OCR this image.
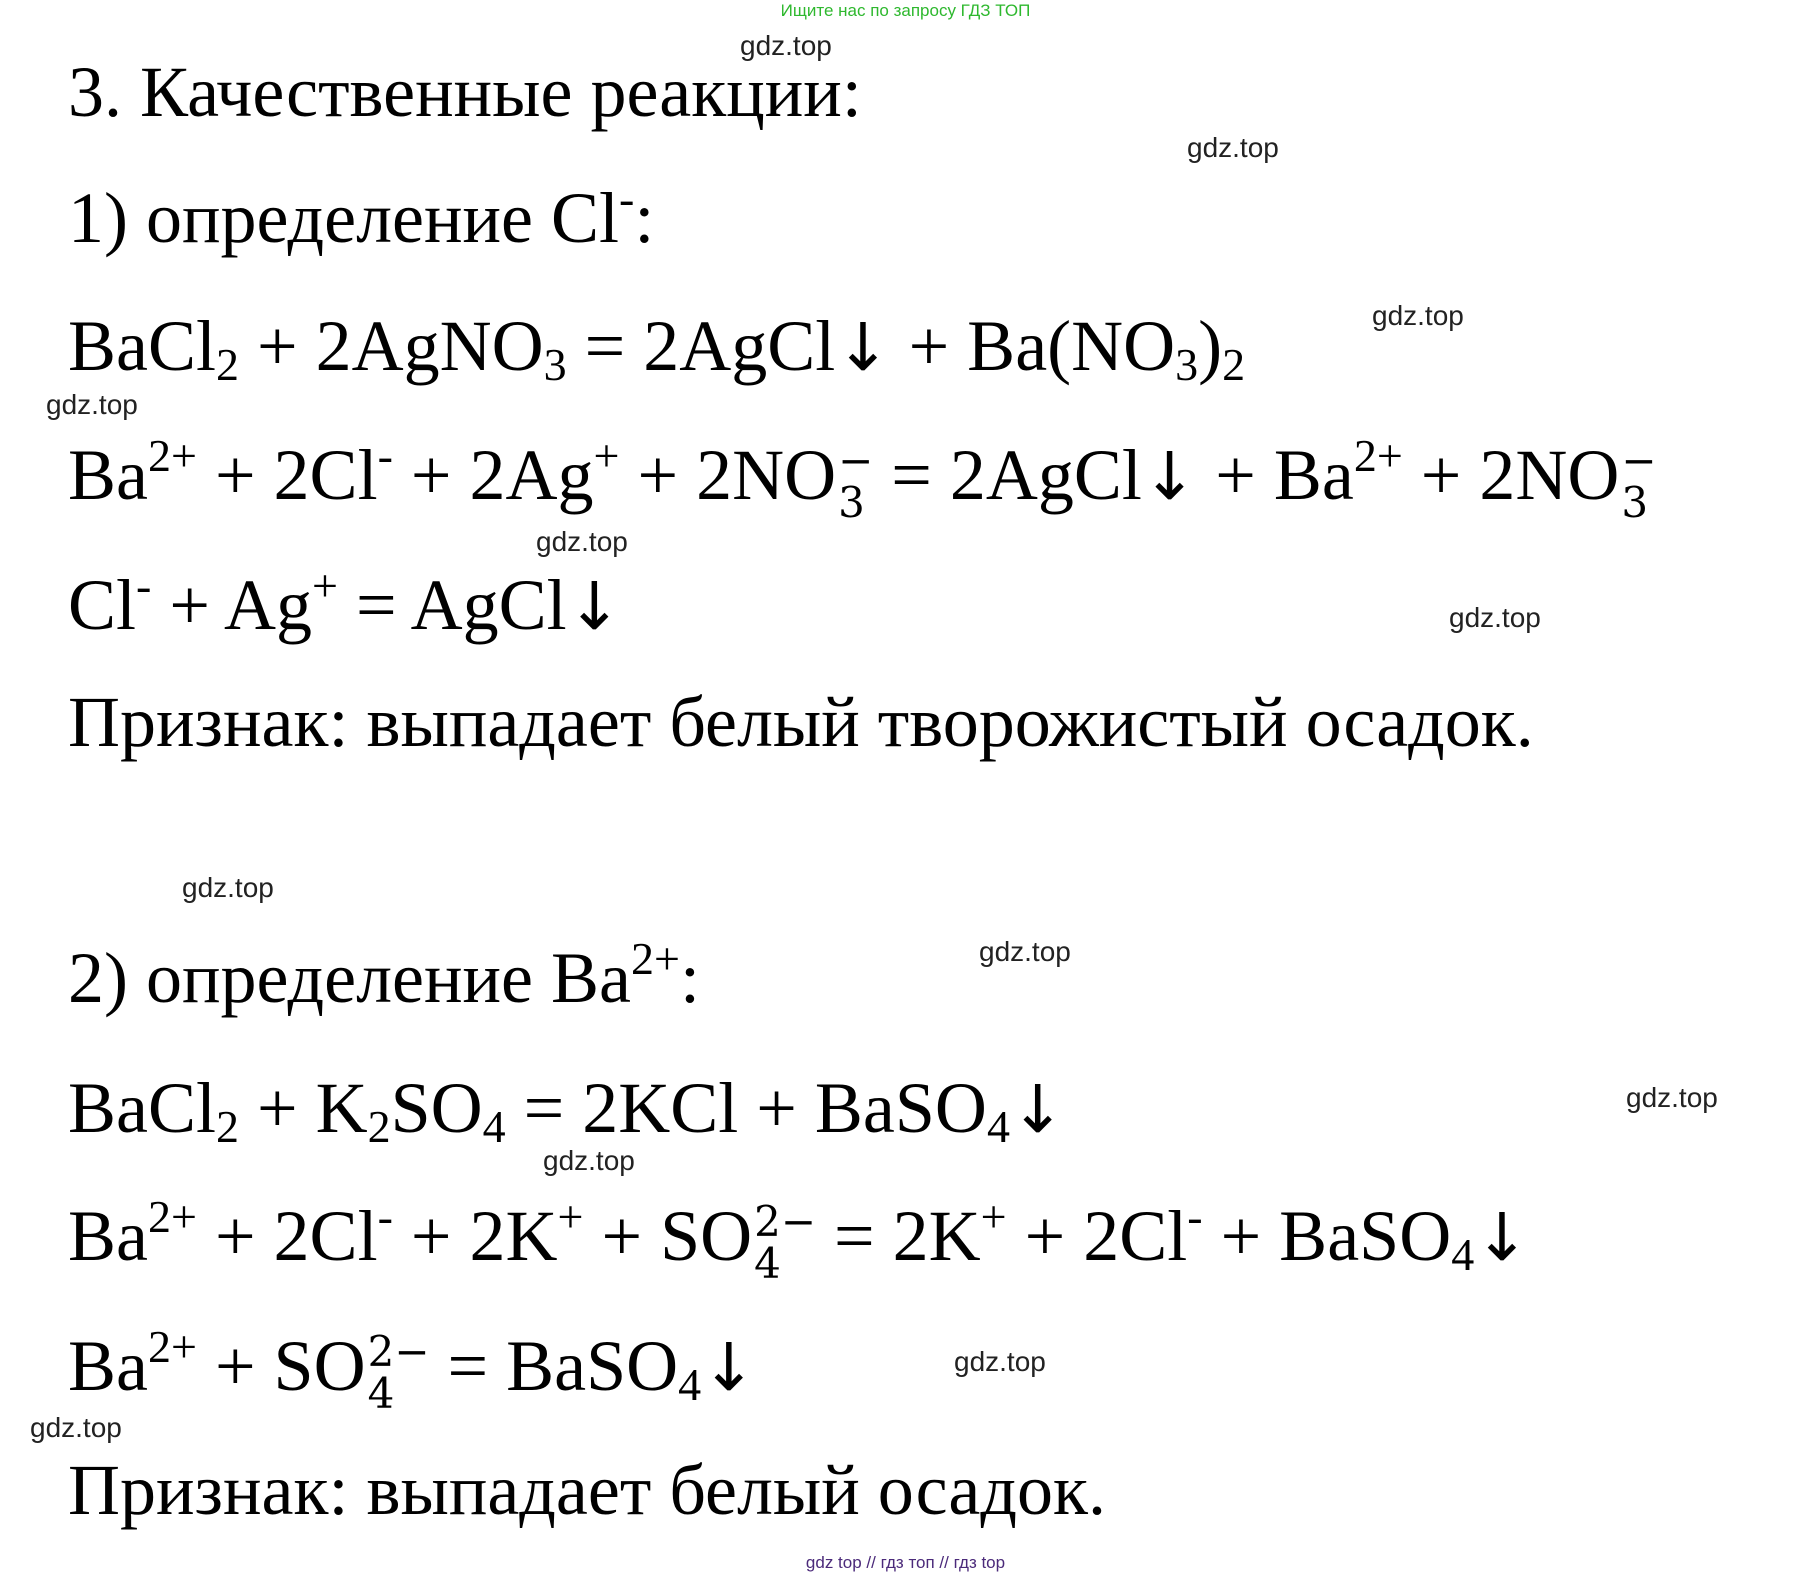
Ищите нас по запросу ГДЗ ТОП
gdz.top
gdz.top
gdz.top
gdz.top
gdz.top
gdz.top
gdz.top
gdz.top
gdz.top
gdz.top
gdz.top
gdz.top
3. Качественные реакции:
1) определение Cl-:
BaCl$_2$ + 2AgNO$_3$ = 2AgCl↓ + $Ba(NO_3)_2$
$Ba^{2+} + 2Cl^- + 2Ag^+ + 2NO$ −
3 = 2AgCl↓ + $Ba^{2+} + 2NO$ −
3
Cl- + Ag+ = AgCl↓
Признак: выпадает белый творожистый осадок.
2) определение $Ba^{2+}$:
BaCl$_2$ + $K_2SO_4 = 2KCl$ + BaSO$_4$↓
$Ba^{2+} + 2Cl^- + 2K^+$ + SO 2−
4 = 2K+ + 2Cl- + BaSO$_4$↓
$Ba^{2+}$ + SO 2−
4 = BaSO$_4$↓
Признак: выпадает белый осадок.
gdz top // гдз топ // гдз top
